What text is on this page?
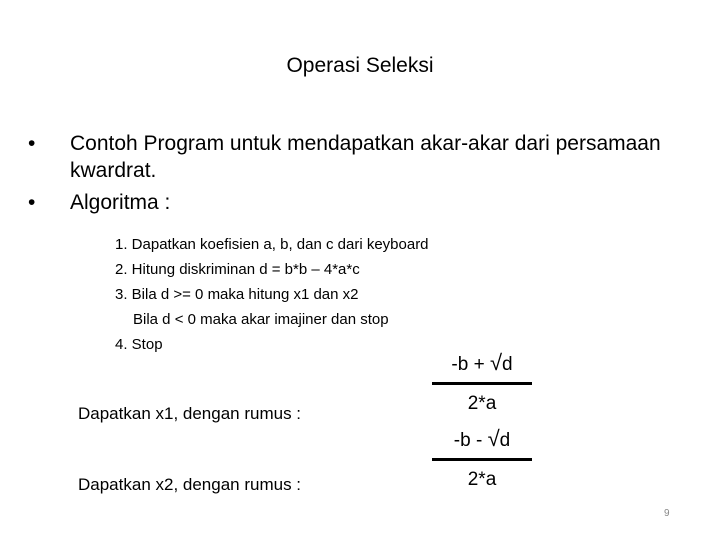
Operasi Seleksi
• Contoh Program untuk mendapatkan akar-akar dari persamaan kwardrat.
• Algoritma :
1. Dapatkan koefisien a, b, dan c dari keyboard
2. Hitung diskriminan d = b*b – 4*a*c
3. Bila d >= 0 maka hitung x1 dan x2
Bila d < 0 maka akar imajiner dan stop
4. Stop
Dapatkan x1, dengan rumus :
Dapatkan x2, dengan rumus :
-b + √d
2*a
-b - √d
2*a
9
